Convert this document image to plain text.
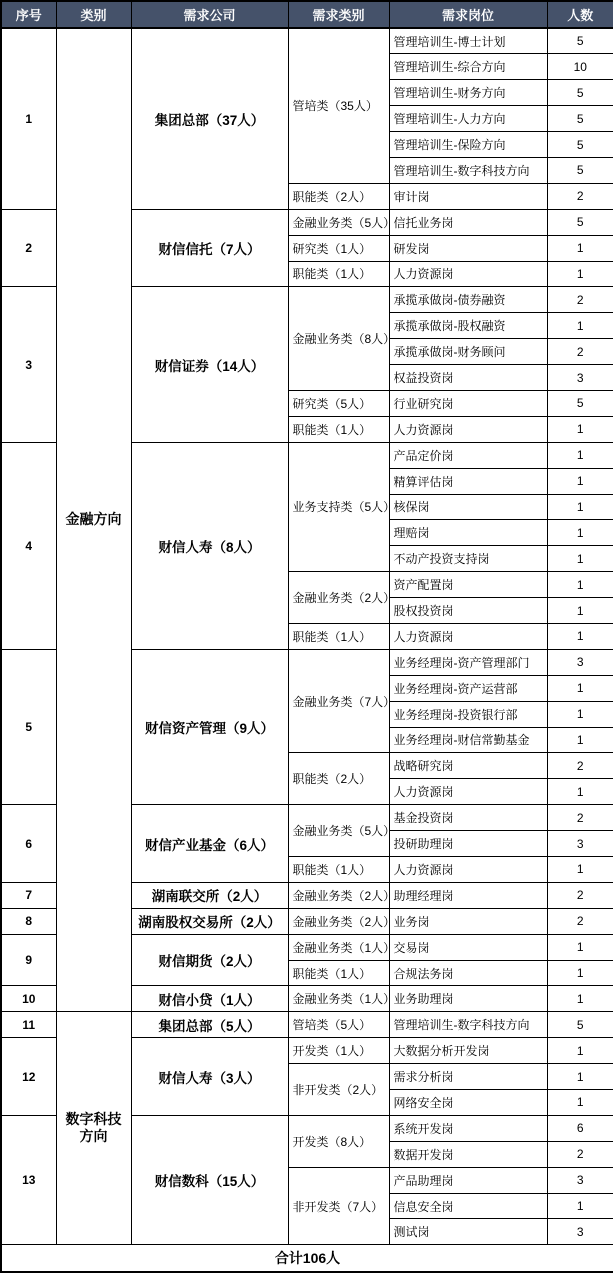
序号	类别	需求公司	需求类别	需求岗位	人数
1	金融方向	集团总部（37人）	管培类（35人）	管理培训生-博士计划	5
				管理培训生-综合方向	10
				管理培训生-财务方向	5
				管理培训生-人力方向	5
				管理培训生-保险方向	5
				管理培训生-数字科技方向	5
			职能类（2人）	审计岗	2
2		财信信托（7人）	金融业务类（5人）	信托业务岗	5
			研究类（1人）	研发岗	1
			职能类（1人）	人力资源岗	1
3		财信证券（14人）	金融业务类（8人）	承揽承做岗-债券融资	2
				承揽承做岗-股权融资	1
				承揽承做岗-财务顾问	2
				权益投资岗	3
			研究类（5人）	行业研究岗	5
			职能类（1人）	人力资源岗	1
4		财信人寿（8人）	业务支持类（5人）	产品定价岗	1
				精算评估岗	1
				核保岗	1
				理赔岗	1
				不动产投资支持岗	1
			金融业务类（2人）	资产配置岗	1
				股权投资岗	1
			职能类（1人）	人力资源岗	1
5		财信资产管理（9人）	金融业务类（7人）	业务经理岗-资产管理部门	3
				业务经理岗-资产运营部	1
				业务经理岗-投资银行部	1
				业务经理岗-财信常勤基金	1
			职能类（2人）	战略研究岗	2
				人力资源岗	1
6		财信产业基金（6人）	金融业务类（5人）	基金投资岗	2
				投研助理岗	3
			职能类（1人）	人力资源岗	1
7		湖南联交所（2人）	金融业务类（2人）	助理经理岗	2
8		湖南股权交易所（2人）	金融业务类（2人）	业务岗	2
9		财信期货（2人）	金融业务类（1人）	交易岗	1
			职能类（1人）	合规法务岗	1
10		财信小贷（1人）	金融业务类（1人）	业务助理岗	1
11	数字科技方向	集团总部（5人）	管培类（5人）	管理培训生-数字科技方向	5
12		财信人寿（3人）	开发类（1人）	大数据分析开发岗	1
			非开发类（2人）	需求分析岗	1
				网络安全岗	1
13		财信数科（15人）	开发类（8人）	系统开发岗	6
				数据开发岗	2
			非开发类（7人）	产品助理岗	3
				信息安全岗	1
				测试岗	3
合计106人					
